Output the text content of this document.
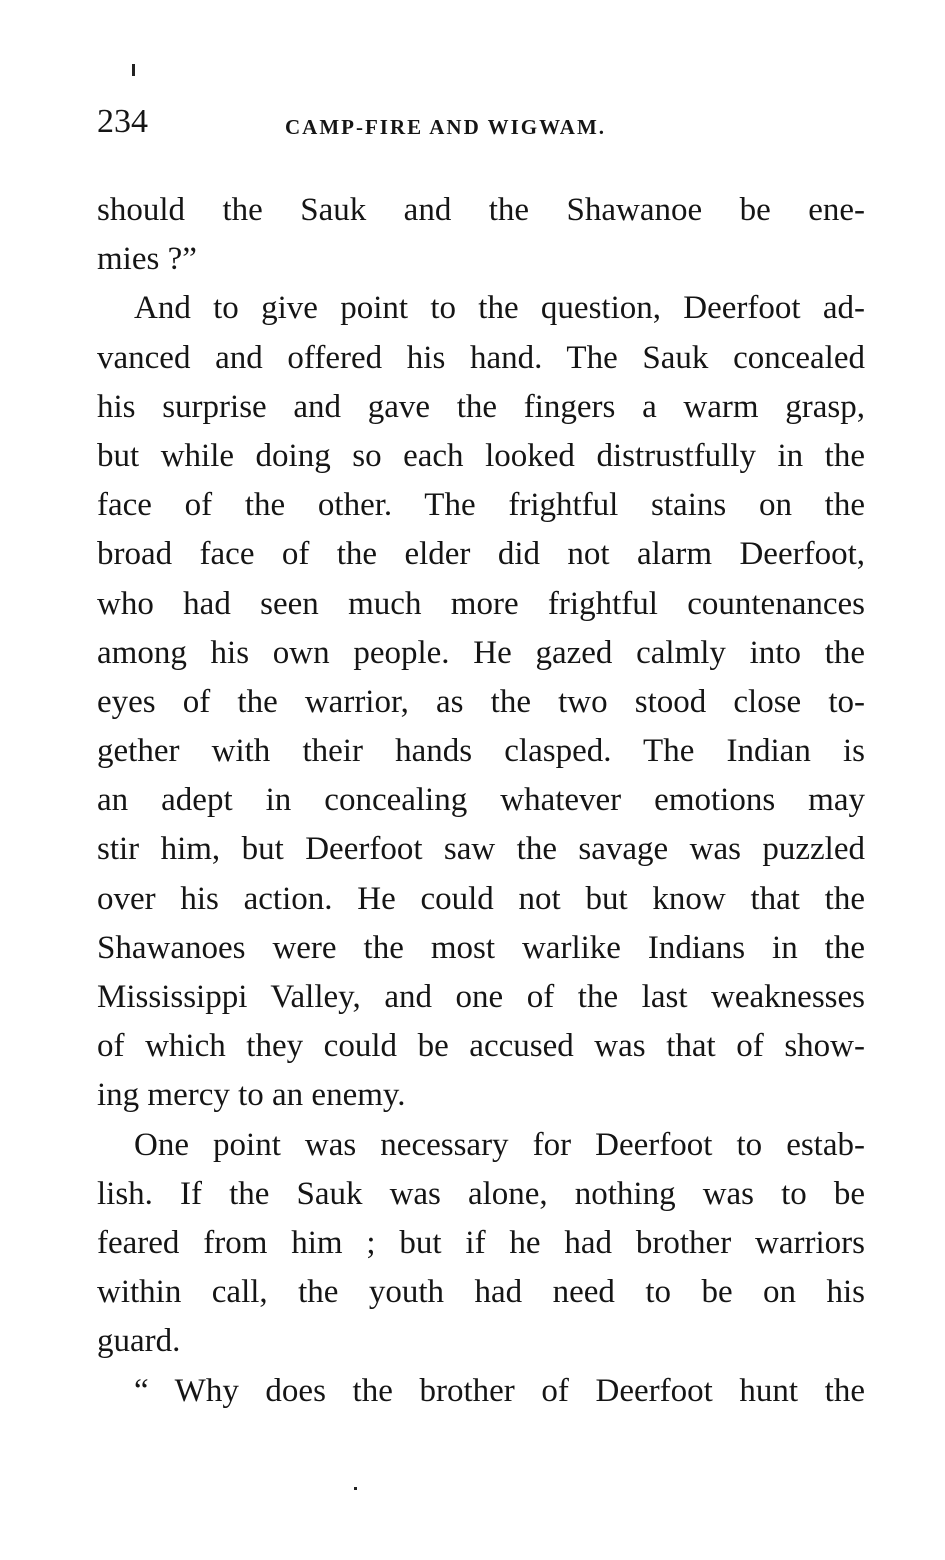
234	CAMP-FIRE AND WIGWAM.
should the Sauk and the Shawanoe be ene-
mies ?”
And to give point to the question, Deerfoot ad-
vanced and offered his hand. The Sauk concealed
his surprise and gave the fingers a warm grasp,
but while doing so each looked distrustfully in the
face of the other. The frightful stains on the
broad face of the elder did not alarm Deerfoot,
who had seen much more frightful countenances
among his own people. He gazed calmly into the
eyes of the warrior, as the two stood close to-
gether with their hands clasped. The Indian is
an adept in concealing whatever emotions may
stir him, but Deerfoot saw the savage was puzzled
over his action. He could not but know that the
Shawanoes were the most warlike Indians in the
Mississippi Valley, and one of the last weaknesses
of which they could be accused was that of show-
ing mercy to an enemy.
One point was necessary for Deerfoot to estab-
lish. If the Sauk was alone, nothing was to be
feared from him ; but if he had brother warriors
within call, the youth had need to be on his
guard.
“ Why does the brother of Deerfoot hunt the
